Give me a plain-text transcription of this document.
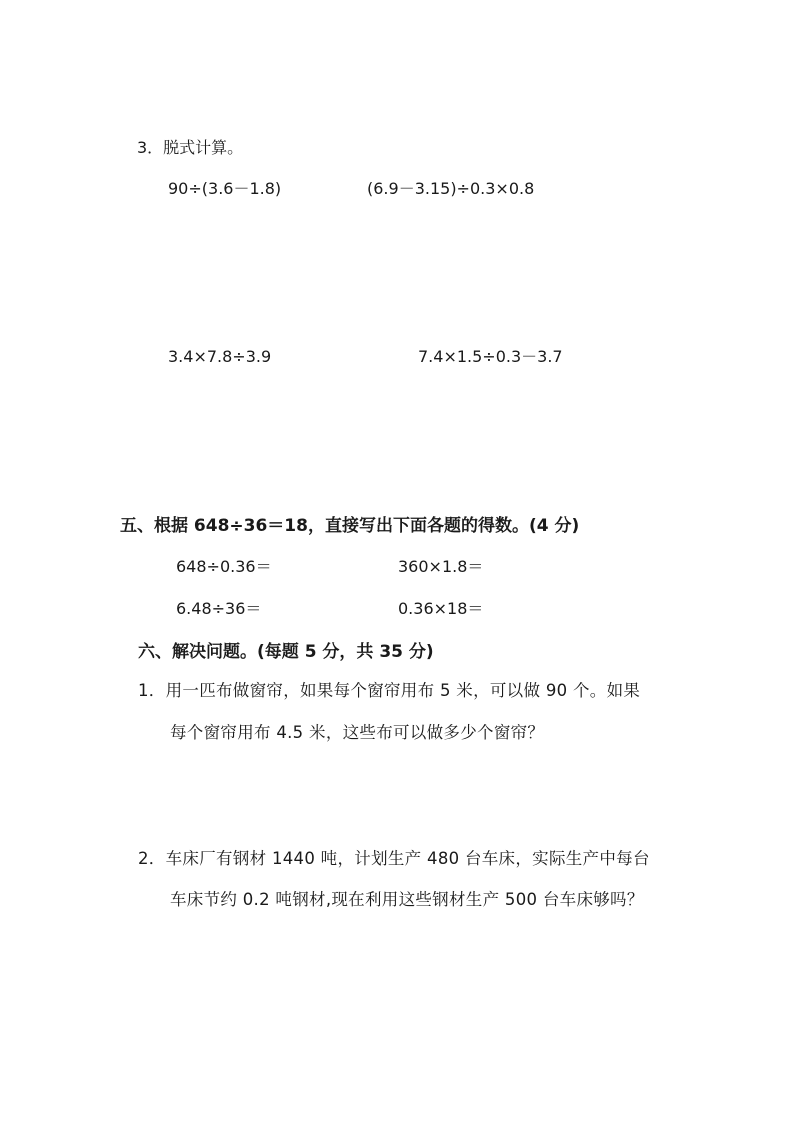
3．脱式计算。
90÷(3.6－1.8)	(6.9－3.15)÷0.3×0.8
3.4×7.8÷3.9	7.4×1.5÷0.3－3.7
五、根据 648÷36＝18，直接写出下面各题的得数。(4 分)
648÷0.36＝	360×1.8＝
6.48÷36＝	0.36×18＝
六、解决问题。(每题 5 分，共 35 分)
1．用一匹布做窗帘，如果每个窗帘用布 5 米，可以做 90 个。如果
每个窗帘用布 4.5 米，这些布可以做多少个窗帘？
2．车床厂有钢材 1440 吨，计划生产 480 台车床，实际生产中每台
车床节约 0.2 吨钢材,现在利用这些钢材生产 500 台车床够吗？
